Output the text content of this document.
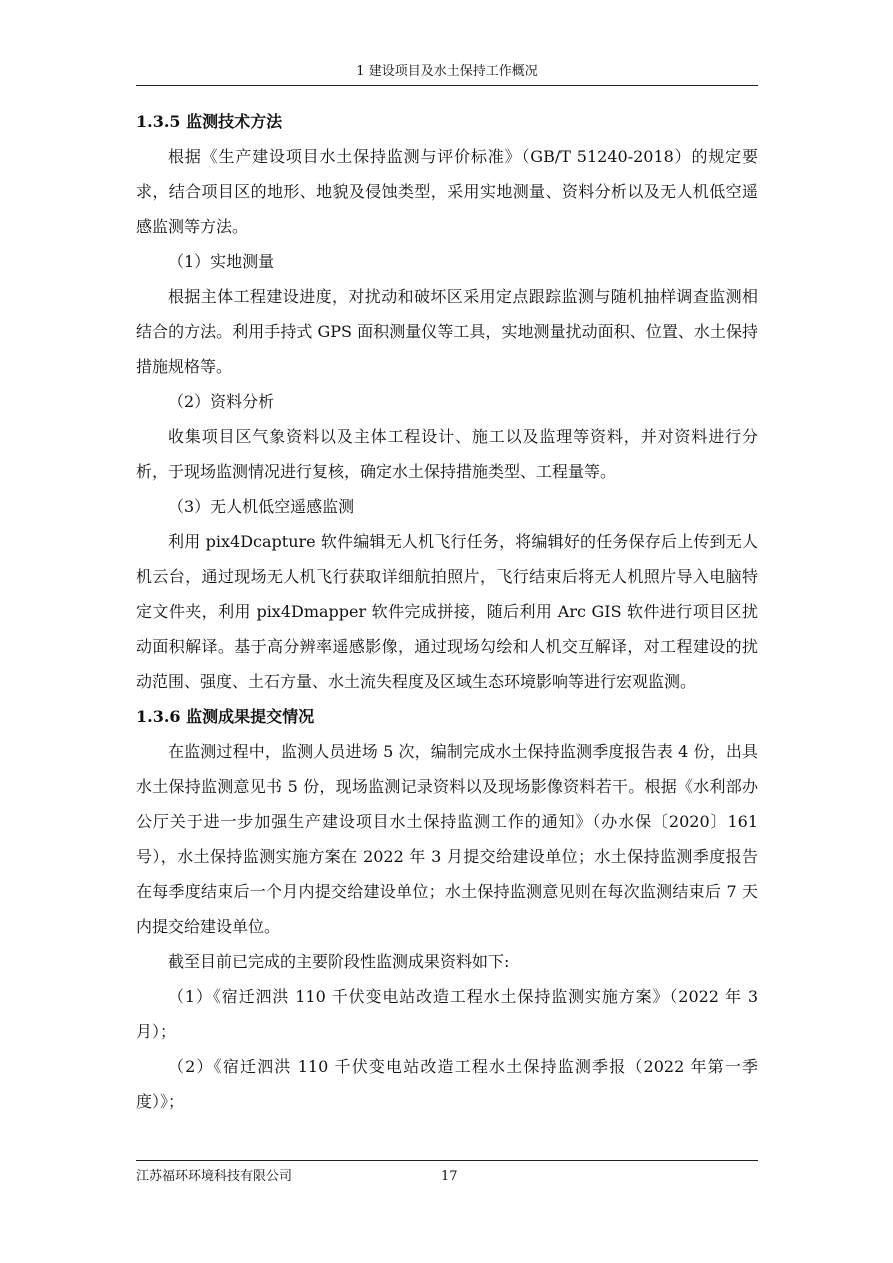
1 建设项目及水土保持工作概况
1.3.5 监测技术方法

根据《生产建设项目水土保持监测与评价标准》（GB/T 51240-2018）的规定要求，结合项目区的地形、地貌及侵蚀类型，采用实地测量、资料分析以及无人机低空遥感监测等方法。

（1）实地测量

根据主体工程建设进度，对扰动和破坏区采用定点跟踪监测与随机抽样调查监测相结合的方法。利用手持式 GPS 面积测量仪等工具，实地测量扰动面积、位置、水土保持措施规格等。

（2）资料分析

收集项目区气象资料以及主体工程设计、施工以及监理等资料，并对资料进行分析，于现场监测情况进行复核，确定水土保持措施类型、工程量等。

（3）无人机低空遥感监测

利用 pix4Dcapture 软件编辑无人机飞行任务，将编辑好的任务保存后上传到无人机云台，通过现场无人机飞行获取详细航拍照片，飞行结束后将无人机照片导入电脑特定文件夹，利用 pix4Dmapper 软件完成拼接，随后利用 Arc GIS 软件进行项目区扰动面积解译。基于高分辨率遥感影像，通过现场勾绘和人机交互解译，对工程建设的扰动范围、强度、土石方量、水土流失程度及区域生态环境影响等进行宏观监测。

1.3.6 监测成果提交情况

在监测过程中，监测人员进场 5 次，编制完成水土保持监测季度报告表 4 份，出具水土保持监测意见书 5 份，现场监测记录资料以及现场影像资料若干。根据《水利部办公厅关于进一步加强生产建设项目水土保持监测工作的通知》（办水保〔2020〕161 号），水土保持监测实施方案在 2022 年 3 月提交给建设单位；水土保持监测季度报告在每季度结束后一个月内提交给建设单位；水土保持监测意见则在每次监测结束后 7 天内提交给建设单位。

截至目前已完成的主要阶段性监测成果资料如下:

（1）《宿迁泗洪 110 千伏变电站改造工程水土保持监测实施方案》（2022 年 3 月）；

（2）《宿迁泗洪 110 千伏变电站改造工程水土保持监测季报（2022 年第一季度）》；

江苏福环环境科技有限公司	17
